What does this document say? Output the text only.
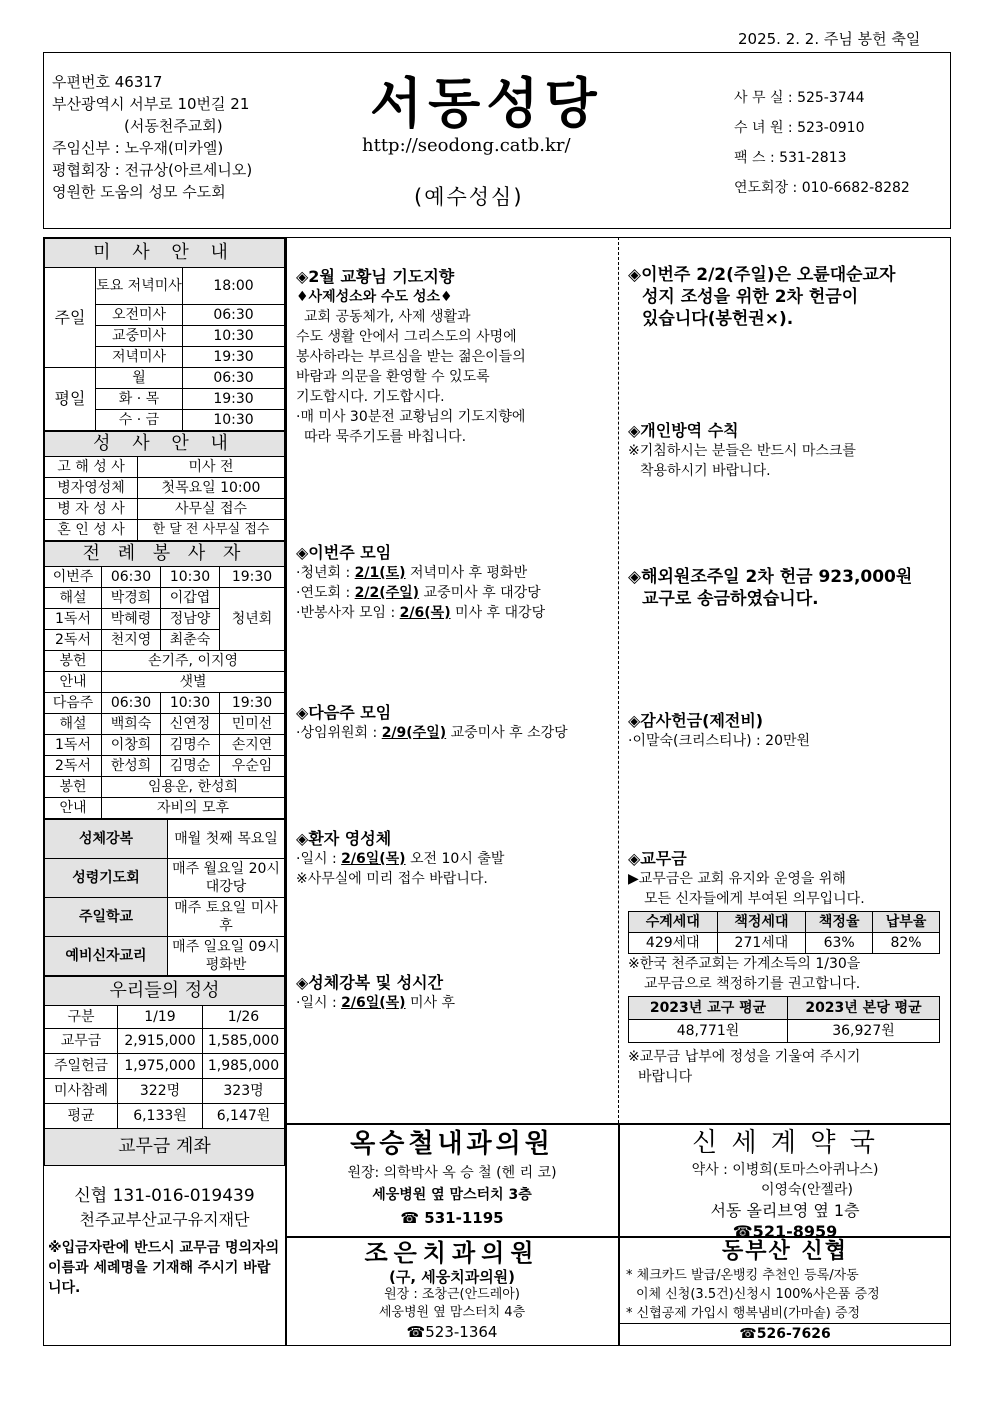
2025. 2. 2. 주님 봉헌 축일
우편번호 46317
부산광역시 서부로 10번길 21
(서동천주교회)
주임신부 : 노우재(미카엘)
평협회장 : 전규상(아르세니오)
영원한 도움의 성모 수도회
서동성당
http://seodong.catb.kr/
(예수성심)
사 무 실 : 525-3744
수 녀 원 : 523-0910
팩 스 : 531-2813
연도회장 : 010-6682-8282
미 사 안 내		
주일	토요 저녁미사	18:00
	오전미사	06:30
	교중미사	10:30
	저녁미사	19:30
평일	월	06:30
	화 · 목	19:30
	수 · 금	10:30
성 사 안 내	
고 해 성 사	미사 전
병자영성체	첫목요일 10:00
병 자 성 사	사무실 접수
혼 인 성 사	한 달 전 사무실 접수
전 례 봉 사 자			
이번주	06:30	10:30	19:30
해설	박경희	이갑엽	청년회
1독서	박혜령	정남양	
2독서	천지영	최춘숙	
봉헌	손기주, 이지영		
안내	샛별		
다음주	06:30	10:30	19:30
해설	백희숙	신연정	민미선
1독서	이창희	김명수	손지연
2독서	한성희	김명순	우순임
봉헌	임용운, 한성희		
안내	자비의 모후		
성체강복	매월 첫째 목요일
성령기도회	매주 월요일 20시 대강당
주일학교	매주 토요일 미사 후
예비신자교리	매주 일요일 09시 평화반
우리들의 정성		
구분	1/19	1/26
교무금	2,915,000	1,585,000
주일헌금	1,975,000	1,985,000
미사참례	322명	323명
평균	6,133원	6,147원
교무금 계좌
신협 131-016-019439
천주교부산교구유지재단
※입금자란에 반드시 교무금 명의자의 이름과 세례명을 기재해 주시기 바랍니다.
◈2월 교황님 기도지향
♦사제성소와 수도 성소♦
교회 공동체가, 사제 생활과
수도 생활 안에서 그리스도의 사명에
봉사하라는 부르심을 받는 젊은이들의
바람과 의문을 환영할 수 있도록
기도합시다. 기도합시다.
·매 미사 30분전 교황님의 기도지향에
따라 묵주기도를 바칩니다.
◈이번주 모임
·청년회 : 2/1(토) 저녁미사 후 평화반
·연도회 : 2/2(주일) 교중미사 후 대강당
·반봉사자 모임 : 2/6(목) 미사 후 대강당
◈다음주 모임
·상임위원회 : 2/9(주일) 교중미사 후 소강당
◈환자 영성체
·일시 : 2/6일(목) 오전 10시 출발
※사무실에 미리 접수 바랍니다.
◈성체강복 및 성시간
·일시 : 2/6일(목) 미사 후
◈이번주 2/2(주일)은 오륜대순교자
성지 조성을 위한 2차 헌금이
있습니다(봉헌권×).
◈개인방역 수칙
※기침하시는 분들은 반드시 마스크를
착용하시기 바랍니다.
◈해외원조주일 2차 헌금 923,000원
교구로 송금하였습니다.
◈감사헌금(제전비)
·이말숙(크리스티나) : 20만원
◈교무금
▶교무금은 교회 유지와 운영을 위해
모든 신자들에게 부여된 의무입니다.
수계세대	책정세대	책정율	납부율
429세대	271세대	63%	82%
※한국 천주교회는 가계소득의 1/30을
교무금으로 책정하기를 권고합니다.
2023년 교구 평균	2023년 본당 평균
48,771원	36,927원
※교무금 납부에 정성을 기울여 주시기
바랍니다
옥승철내과의원
원장: 의학박사 옥 승 철 (헨 리 코)
세웅병원 옆 맘스터치 3층
☎ 531-1195
신 세 계 약 국
약사 : 이병희(토마스아퀴나스)
이영숙(안젤라)
서동 올리브영 옆 1층
☎521-8959
조은치과의원
(구, 세웅치과의원)
원장 : 조창근(안드레아)
세웅병원 옆 맘스터치 4층
☎523-1364
동부산 신협
* 체크카드 발급/온뱅킹 추천인 등록/자동
이체 신청(3.5건)신청시 100%사은품 증정
* 신협공제 가입시 행복냄비(가마솥) 증정
☎526-7626
